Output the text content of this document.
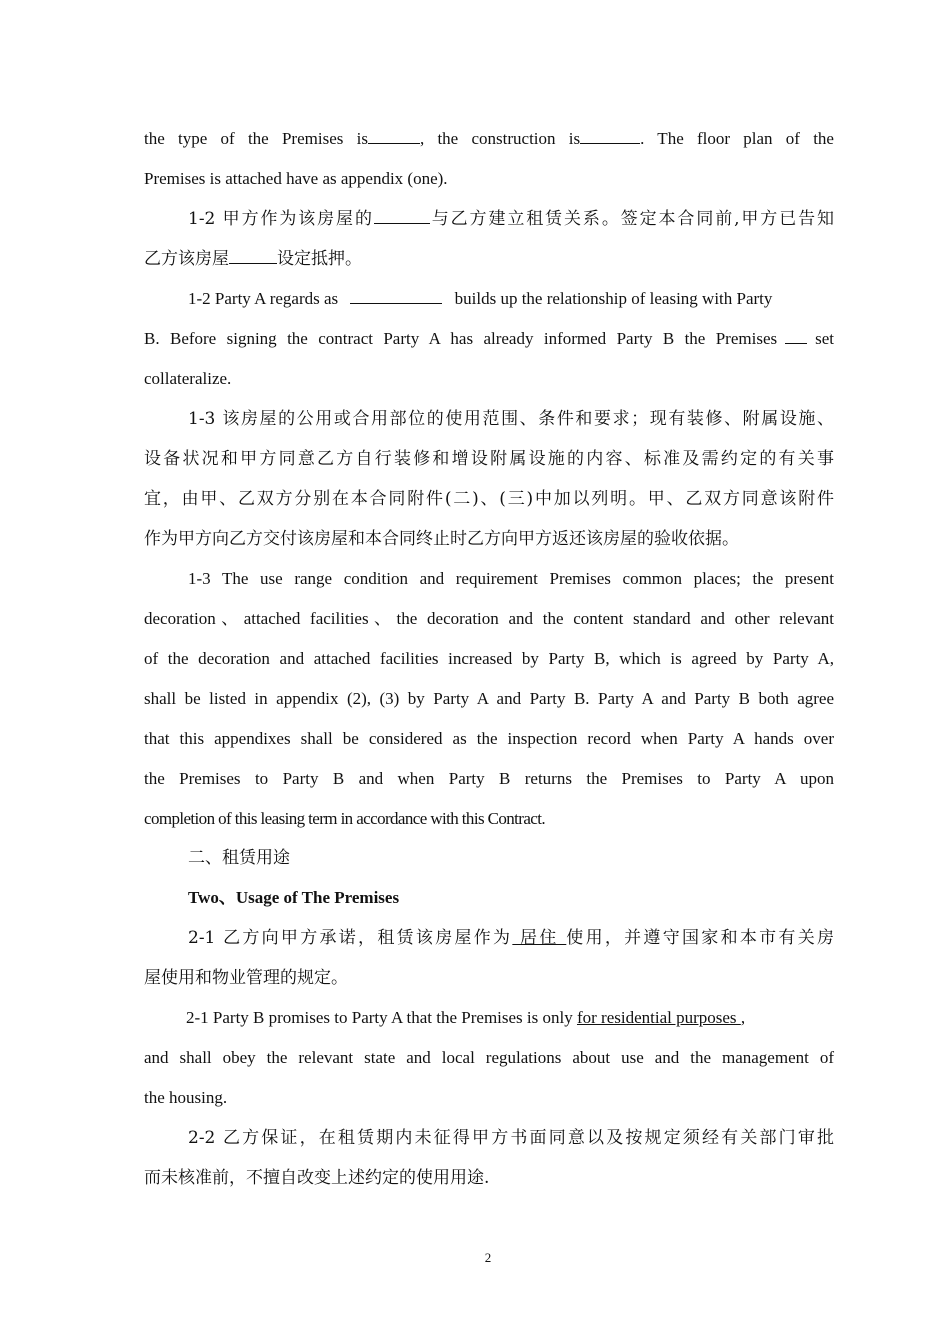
the type of the Premises is	, the construction is	. The floor plan of the
Premises is attached have as appendix (one).
1-2 甲方作为该房屋的	与乙方建立租赁关系。签定本合同前,甲方已告知
乙方该房屋	设定抵押。
1-2 Party A regards as	builds up the relationship of leasing with Party
B. Before signing the contract Party A has already informed Party B the Premises set
collateralize.
1-3 该房屋的公用或合用部位的使用范围、条件和要求；现有装修、附属设施、
设备状况和甲方同意乙方自行装修和增设附属设施的内容、标准及需约定的有关事
宜，由甲、乙双方分别在本合同附件(二)、(三)中加以列明。甲、乙双方同意该附件
作为甲方向乙方交付该房屋和本合同终止时乙方向甲方返还该房屋的验收依据。
1-3 The use range condition and requirement Premises common places; the present
decoration、attached facilities、the decoration and the content standard and other relevant
of the decoration and attached facilities increased by Party B, which is agreed by Party A,
shall be listed in appendix (2), (3) by Party A and Party B. Party A and Party B both agree
that this appendixes shall be considered as the inspection record when Party A hands over
the Premises to Party B and when Party B returns the Premises to Party A upon
completion of this leasing term in accordance with this Contract.
二、租赁用途
Two、Usage of The Premises
2-1 乙方向甲方承诺，租赁该房屋作为 居住 使用，并遵守国家和本市有关房
屋使用和物业管理的规定。
2-1 Party B promises to Party A that the Premises is only for residential purposes ,
and shall obey the relevant state and local regulations about use and the management of
the housing.
2-2 乙方保证，在租赁期内未征得甲方书面同意以及按规定须经有关部门审批
而未核准前，不擅自改变上述约定的使用用途.
2
